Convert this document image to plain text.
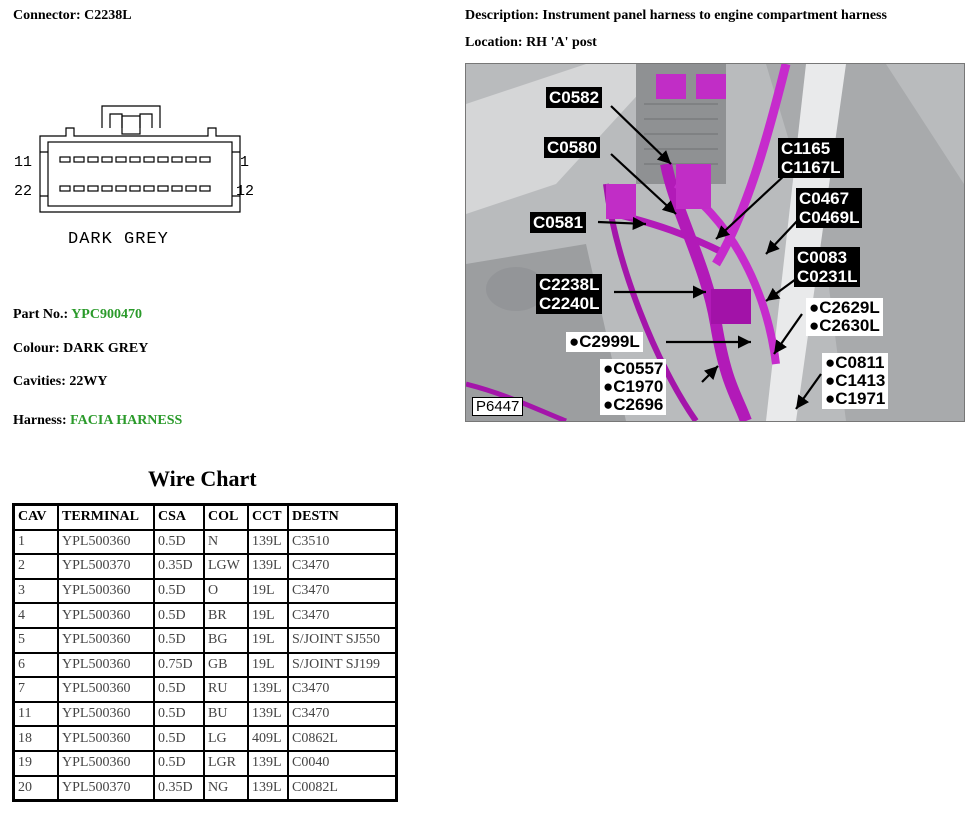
Connector: C2238L	Description: Instrument panel harness to engine compartment harness
Location: RH 'A' post
11	1
22	12
DARK GREY
Part No.: YPC900470
Colour: DARK GREY
Cavities: 22WY
Harness: FACIA HARNESS
C0582
C0580
C0581
C1165
C1167L
C0467
C0469L
C0083
C0231L
C2238L
C2240L	●C2629L
●C2630L
●C2999L
●C0557
●C1970
●C2696
●C0811
●C1413
●C1971
P6447
Wire Chart
CAV	TERMINAL	CSA	COL	CCT	DESTN
1	YPL500360	0.5D	N	139L	C3510
2	YPL500370	0.35D	LGW	139L	C3470
3	YPL500360	0.5D	O	19L	C3470
4	YPL500360	0.5D	BR	19L	C3470
5	YPL500360	0.5D	BG	19L	S/JOINT SJ550
6	YPL500360	0.75D	GB	19L	S/JOINT SJ199
7	YPL500360	0.5D	RU	139L	C3470
11	YPL500360	0.5D	BU	139L	C3470
18	YPL500360	0.5D	LG	409L	C0862L
19	YPL500360	0.5D	LGR	139L	C0040
20	YPL500370	0.35D	NG	139L	C0082L
